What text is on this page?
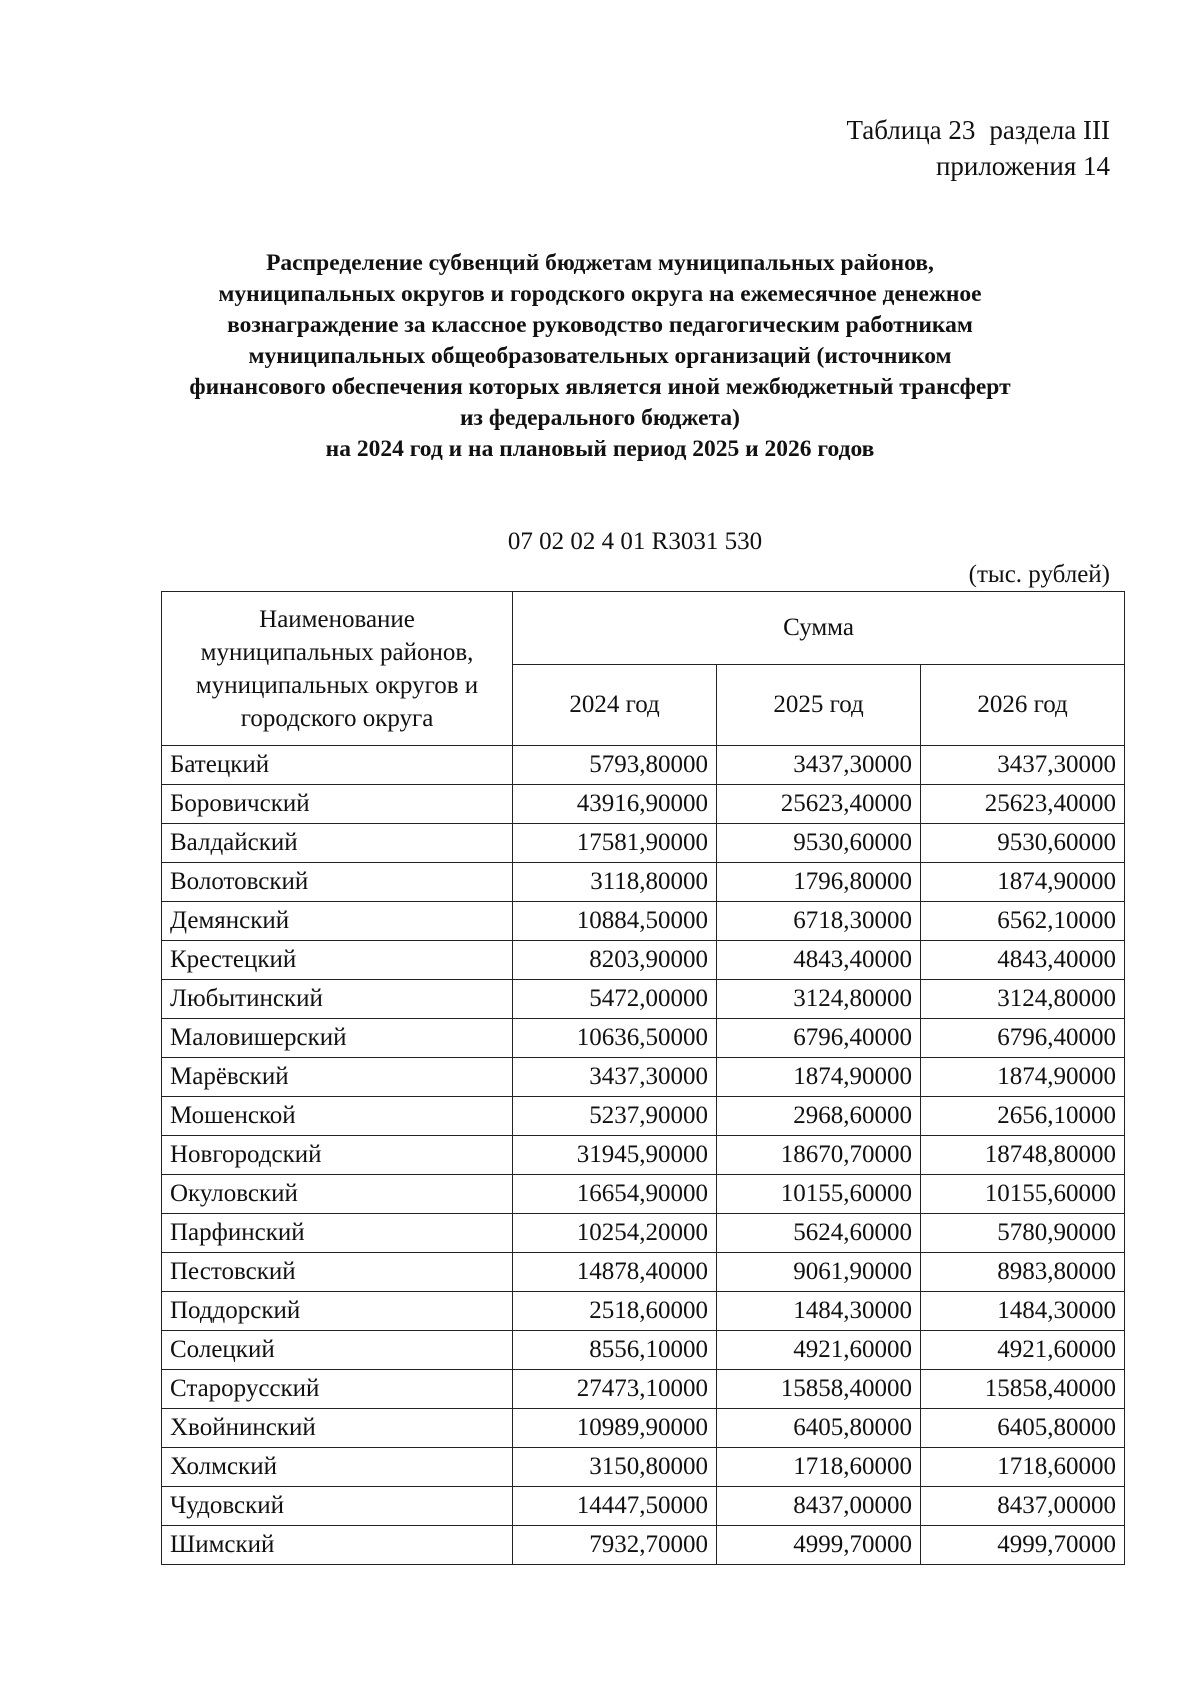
Таблица 23 раздела III
приложения 14
Распределение субвенций бюджетам муниципальных районов,
муниципальных округов и городского округа на ежемесячное денежное
вознаграждение за классное руководство педагогическим работникам
муниципальных общеобразовательных организаций (источником
финансового обеспечения которых является иной межбюджетный трансферт
из федерального бюджета)
на 2024 год и на плановый период 2025 и 2026 годов
07 02 02 4 01 R3031 530
(тыс. рублей)
Наименование муниципальных районов, муниципальных округов и городского округа	Сумма		
	2024 год	2025 год	2026 год
Батецкий	5793,80000	3437,30000	3437,30000
Боровичский	43916,90000	25623,40000	25623,40000
Валдайский	17581,90000	9530,60000	9530,60000
Волотовский	3118,80000	1796,80000	1874,90000
Демянский	10884,50000	6718,30000	6562,10000
Крестецкий	8203,90000	4843,40000	4843,40000
Любытинский	5472,00000	3124,80000	3124,80000
Маловишерский	10636,50000	6796,40000	6796,40000
Марёвский	3437,30000	1874,90000	1874,90000
Мошенской	5237,90000	2968,60000	2656,10000
Новгородский	31945,90000	18670,70000	18748,80000
Окуловский	16654,90000	10155,60000	10155,60000
Парфинский	10254,20000	5624,60000	5780,90000
Пестовский	14878,40000	9061,90000	8983,80000
Поддорский	2518,60000	1484,30000	1484,30000
Солецкий	8556,10000	4921,60000	4921,60000
Старорусский	27473,10000	15858,40000	15858,40000
Хвойнинский	10989,90000	6405,80000	6405,80000
Холмский	3150,80000	1718,60000	1718,60000
Чудовский	14447,50000	8437,00000	8437,00000
Шимский	7932,70000	4999,70000	4999,70000
